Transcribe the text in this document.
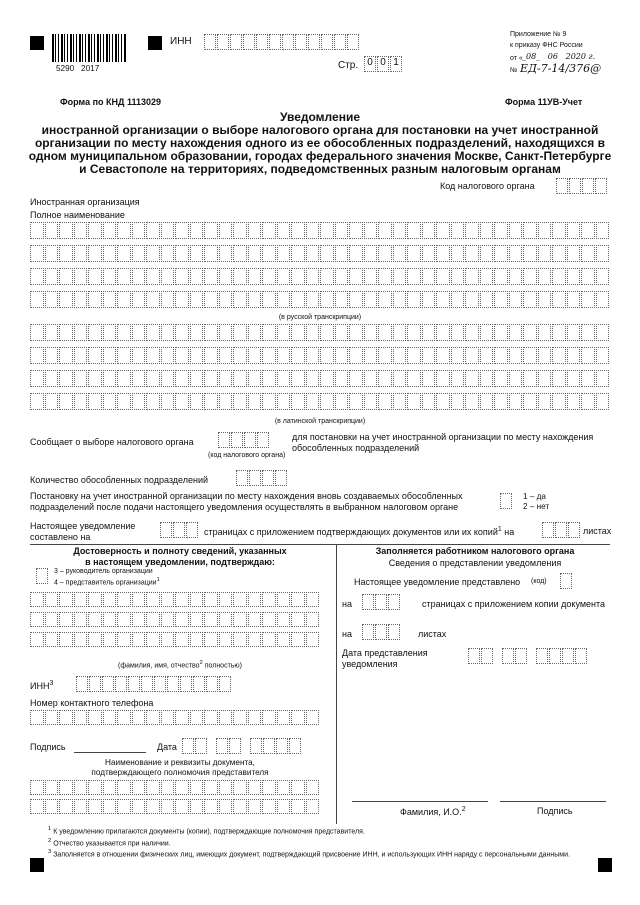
5290   2017
ИНН
Стр. 0 0 1
Приложение № 9
к приказу ФНС России
от « _08_   06   2020 г.
№ ЕД-7-14/376@
Форма по КНД 1113029	Форма 11УВ-Учет
Уведомление
иностранной организации о выборе налогового органа для постановки на учет иностранной
организации по месту нахождения одного из ее обособленных подразделений, находящихся в
одном муниципальном образовании, городах федерального значения Москве, Санкт-Петербурге
и Севастополе на территориях, подведомственных разным налоговым органам
Код налогового органа
Иностранная организация
Полное наименование
(в русской транскрипции)
(в латинской транскрипции)
Сообщает о выборе налогового органа
(код налогового органа)
для постановки на учет иностранной организации по месту нахождения
обособленных подразделений
Количество обособленных подразделений
Постановку на учет иностранной организации по месту нахождения вновь создаваемых обособленных
подразделений после подачи настоящего уведомления осуществлять в выбранном налоговом органе
1 – да
2 – нет
Настоящее уведомление
составлено на	страницах с приложением подтверждающих документов или их копий$^1$ на	листах
Достоверность и полноту сведений, указанных
в настоящем уведомлении, подтверждаю:
3 – руководитель организации
4 – представитель организации$^1$
(фамилия, имя, отчество$^2$ полностью)
ИНН$^3$
Номер контактного телефона
Подпись	Дата
Наименование и реквизиты документа,
подтверждающего полномочия представителя
Заполняется работником налогового органа
Сведения о представлении уведомления
Настоящее уведомление представлено (код)
на	страницах с приложением копии документа
на	листах
Дата представления
уведомления
Фамилия, И.О.$^2$	Подпись
$^1$ К уведомлению прилагаются документы (копии), подтверждающие полномочия представителя.
$^2$ Отчество указывается при наличии.
$^3$ Заполняется в отношении физических лиц, имеющих документ, подтверждающий присвоение ИНН, и использующих ИНН наряду с персональными данными.
